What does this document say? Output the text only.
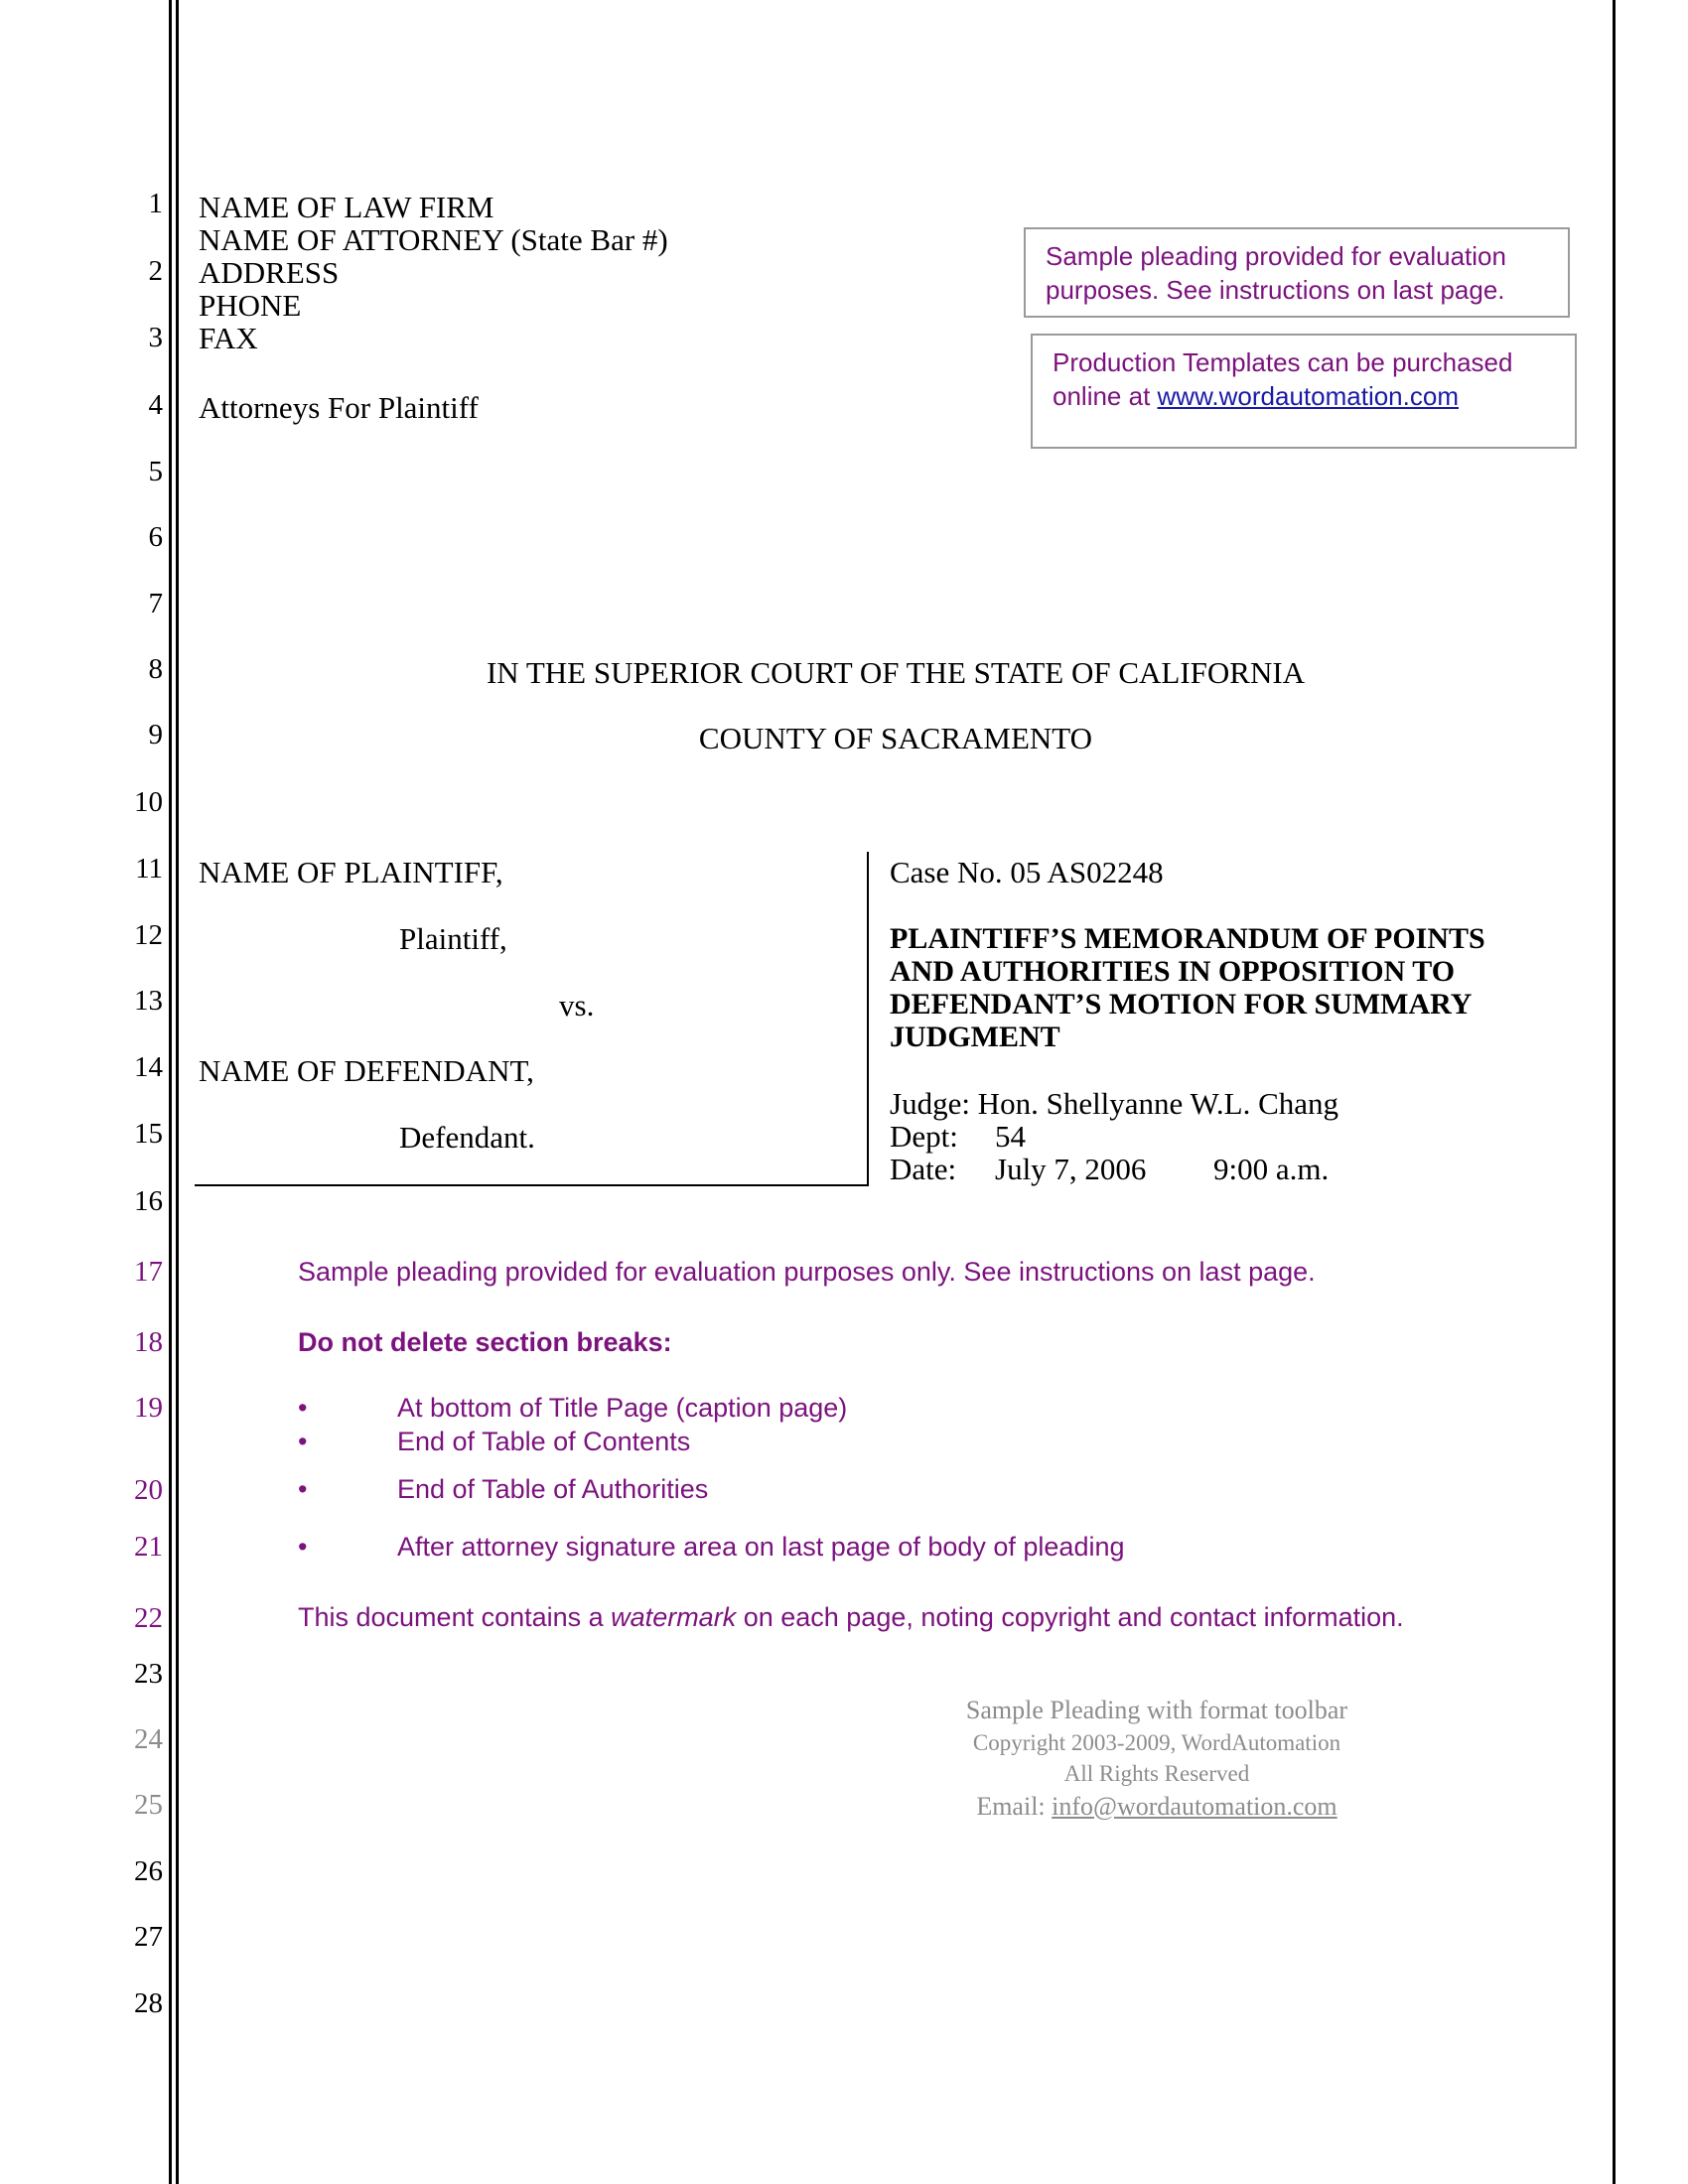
1
2
3
4
5
6
7
8
9
10
11
12
13
14
15
16
17
18
19
20
21
22
23
24
25
26
27
28
NAME OF LAW FIRM
NAME OF ATTORNEY (State Bar #)
ADDRESS
PHONE
FAX
Attorneys For Plaintiff
Sample pleading provided for evaluation
purposes. See instructions on last page.
Production Templates can be purchased
online at www.wordautomation.com
IN THE SUPERIOR COURT OF THE STATE OF CALIFORNIA
COUNTY OF SACRAMENTO
NAME OF PLAINTIFF,
Plaintiff,
vs.
NAME OF DEFENDANT,
Defendant.
Case No. 05 AS02248
PLAINTIFF’S MEMORANDUM OF POINTS
AND AUTHORITIES IN OPPOSITION TO
DEFENDANT’S MOTION FOR SUMMARY
JUDGMENT
Judge: Hon. Shellyanne W.L. Chang
Dept: 54
Date: July 7, 2006 9:00 a.m.
Sample pleading provided for evaluation purposes only. See instructions on last page.
Do not delete section breaks:
•	At bottom of Title Page (caption page)
•	End of Table of Contents
•	End of Table of Authorities
•	After attorney signature area on last page of body of pleading
This document contains a watermark on each page, noting copyright and contact information.
Sample Pleading with format toolbar
Copyright 2003-2009, WordAutomation
All Rights Reserved
Email: info@wordautomation.com
